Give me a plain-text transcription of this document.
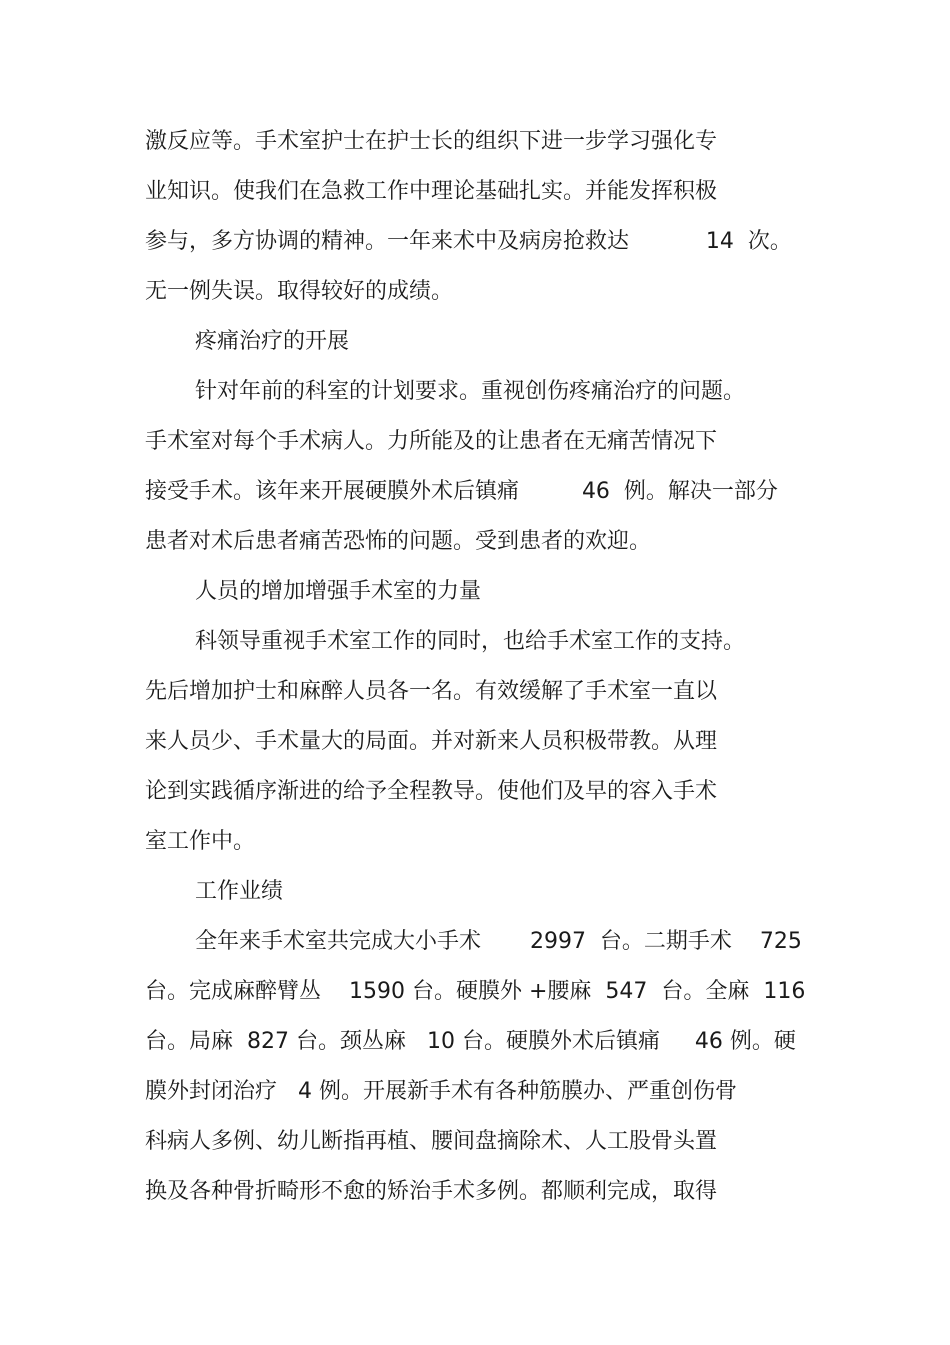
激反应等。手术室护士在护士长的组织下进一步学习强化专

业知识。使我们在急救工作中理论基础扎实。并能发挥积极

参与，多方协调的精神。一年来术中及病房抢救达           14  次。

无一例失误。取得较好的成绩。

疼痛治疗的开展

针对年前的科室的计划要求。重视创伤疼痛治疗的问题。

手术室对每个手术病人。力所能及的让患者在无痛苦情况下

接受手术。该年来开展硬膜外术后镇痛         46  例。解决一部分

患者对术后患者痛苦恐怖的问题。受到患者的欢迎。

人员的增加增强手术室的力量

科领导重视手术室工作的同时，也给手术室工作的支持。

先后增加护士和麻醉人员各一名。有效缓解了手术室一直以

来人员少、手术量大的局面。并对新来人员积极带教。从理

论到实践循序渐进的给予全程教导。使他们及早的容入手术

室工作中。

工作业绩

全年来手术室共完成大小手术       2997  台。二期手术    725

台。完成麻醉臂丛    1590 台。硬膜外 +腰麻  547  台。全麻  116

台。局麻  827 台。颈丛麻   10 台。硬膜外术后镇痛     46 例。硬

膜外封闭治疗   4 例。开展新手术有各种筋膜办、严重创伤骨

科病人多例、幼儿断指再植、腰间盘摘除术、人工股骨头置

换及各种骨折畸形不愈的矫治手术多例。都顺利完成，取得
